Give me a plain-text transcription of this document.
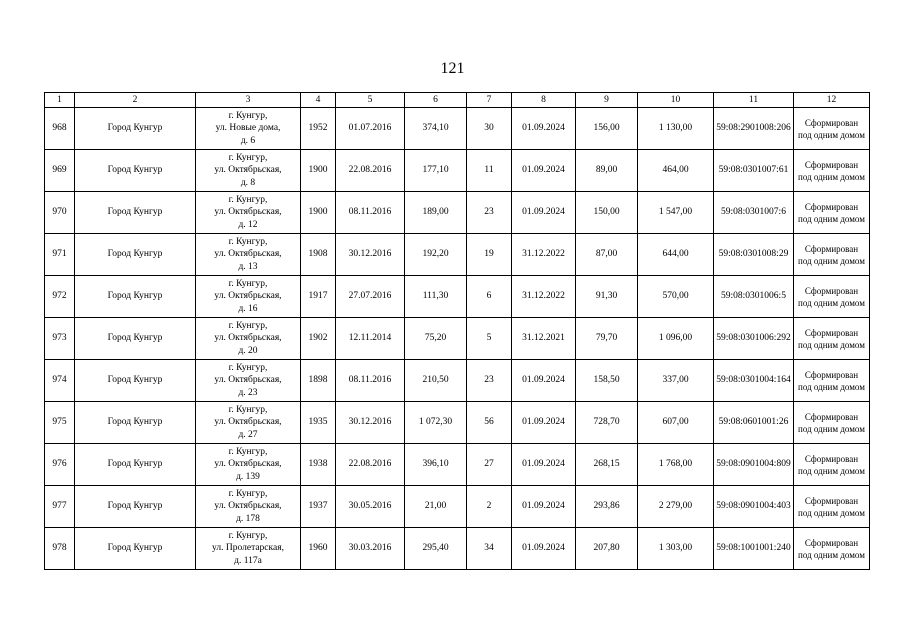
121
1	2	3	4	5	6	7	8	9	10	11	12
968	Город Кунгур	г. Кунгур,
ул. Новые дома,
д. 6	1952	01.07.2016	374,10	30	01.09.2024	156,00	1 130,00	59:08:2901008:206	Сформирован
под одним домом

969	Город Кунгур	г. Кунгур,
ул. Октябрьская,
д. 8	1900	22.08.2016	177,10	11	01.09.2024	89,00	464,00	59:08:0301007:61	Сформирован
под одним домом

970	Город Кунгур	г. Кунгур,
ул. Октябрьская,
д. 12	1900	08.11.2016	189,00	23	01.09.2024	150,00	1 547,00	59:08:0301007:6	Сформирован
под одним домом

971	Город Кунгур	г. Кунгур,
ул. Октябрьская,
д. 13	1908	30.12.2016	192,20	19	31.12.2022	87,00	644,00	59:08:0301008:29	Сформирован
под одним домом

972	Город Кунгур	г. Кунгур,
ул. Октябрьская,
д. 16	1917	27.07.2016	111,30	6	31.12.2022	91,30	570,00	59:08:0301006:5	Сформирован
под одним домом

973	Город Кунгур	г. Кунгур,
ул. Октябрьская,
д. 20	1902	12.11.2014	75,20	5	31.12.2021	79,70	1 096,00	59:08:0301006:292	Сформирован
под одним домом

974	Город Кунгур	г. Кунгур,
ул. Октябрьская,
д. 23	1898	08.11.2016	210,50	23	01.09.2024	158,50	337,00	59:08:0301004:164	Сформирован
под одним домом

975	Город Кунгур	г. Кунгур,
ул. Октябрьская,
д. 27	1935	30.12.2016	1 072,30	56	01.09.2024	728,70	607,00	59:08:0601001:26	Сформирован
под одним домом

976	Город Кунгур	г. Кунгур,
ул. Октябрьская,
д. 139	1938	22.08.2016	396,10	27	01.09.2024	268,15	1 768,00	59:08:0901004:809	Сформирован
под одним домом

977	Город Кунгур	г. Кунгур,
ул. Октябрьская,
д. 178	1937	30.05.2016	21,00	2	01.09.2024	293,86	2 279,00	59:08:0901004:403	Сформирован
под одним домом

978	Город Кунгур	г. Кунгур,
ул. Пролетарская,
д. 117а	1960	30.03.2016	295,40	34	01.09.2024	207,80	1 303,00	59:08:1001001:240	Сформирован
под одним домом
